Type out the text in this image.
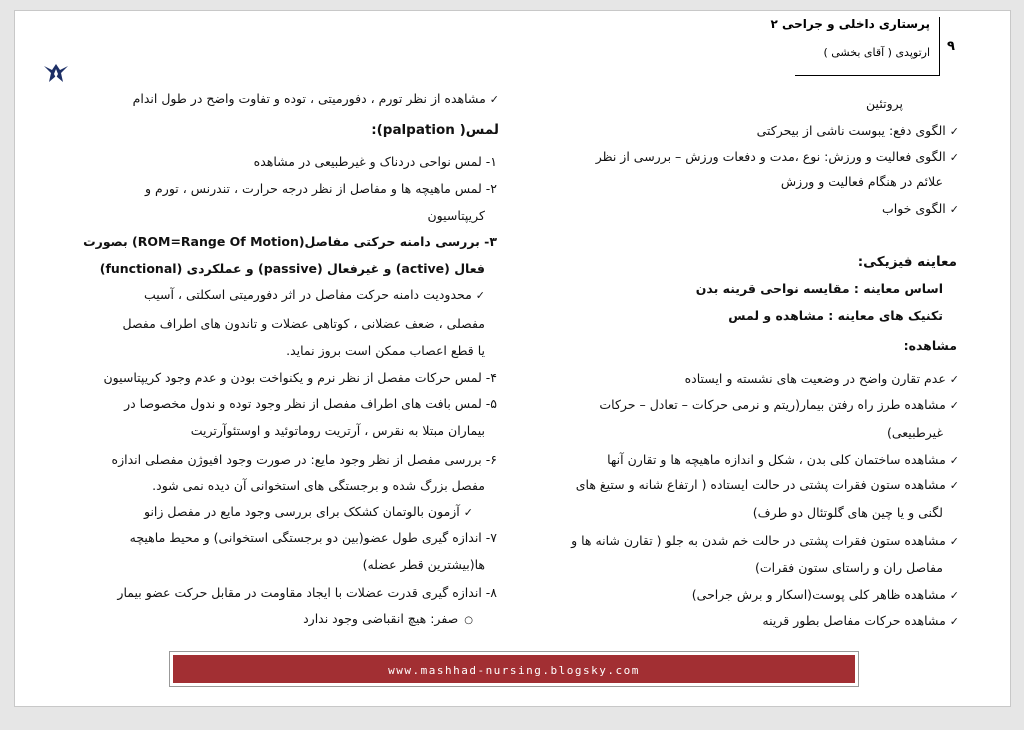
پرستاری داخلی و جراحی ۲
ارتوپدی ( آقای بخشی ) ۹
پروتئین
✓الگوی دفع: یبوست ناشی از بیحرکتی
✓الگوی فعالیت و ورزش: نوع ،مدت و دفعات ورزش – بررسی از نظر
علائم در هنگام فعالیت و ورزش
✓الگوی خواب
معاینه فیزیکی:
اساس معاینه : مقایسه نواحی قرینه بدن
تکنیک های معاینه : مشاهده و لمس
مشاهده:
✓عدم تقارن واضح در وضعیت های نشسته و ایستاده
✓مشاهده طرز راه رفتن بیمار(ریتم و نرمی حرکات – تعادل – حرکات
غیرطبیعی)
✓مشاهده ساختمان کلی بدن ، شکل و اندازه ماهیچه ها و تقارن آنها
✓مشاهده ستون فقرات پشتی در حالت ایستاده ( ارتفاع شانه و ستیغ های
لگنی و یا چین های گلوتئال دو طرف)
✓مشاهده ستون فقرات پشتی در حالت خم شدن به جلو ( تقارن شانه ها و
مفاصل ران و راستای ستون فقرات)
✓مشاهده ظاهر کلی پوست(اسکار و برش جراحی)
✓مشاهده حرکات مفاصل بطور قرینه
✓مشاهده از نظر تورم ، دفورمیتی ، توده و تفاوت واضح در طول اندام
لمس( palpation):
۱- لمس نواحی دردناک و غیرطبیعی در مشاهده
۲- لمس ماهیچه ها و مفاصل از نظر درجه حرارت ، تندرنس ، تورم و
کریپتاسیون
۳- بررسی دامنه حرکتی مفاصل(ROM=Range Of Motion) بصورت
فعال (active) و غیرفعال (passive) و عملکردی (functional)
✓محدودیت دامنه حرکت مفاصل در اثر دفورمیتی اسکلتی ، آسیب
مفصلی ، ضعف عضلانی ، کوتاهی عضلات و تاندون های اطراف مفصل
یا قطع اعصاب ممکن است بروز نماید.
۴- لمس حرکات مفصل از نظر نرم و یکنواخت بودن و عدم وجود کریپتاسیون
۵- لمس بافت های اطراف مفصل از نظر وجود توده و ندول مخصوصا در
بیماران مبتلا به نقرس ، آرتریت روماتوئید و اوستئوآرتریت
۶- بررسی مفصل از نظر وجود مایع: در صورت وجود افیوژن مفصلی اندازه
مفصل بزرگ شده و برجستگی های استخوانی آن دیده نمی شود.
✓آزمون بالوتمان کشکک برای بررسی وجود مایع در مفصل زانو
۷- اندازه گیری طول عضو(بین دو برجستگی استخوانی) و محیط ماهیچه
ها(بیشترین قطر عضله)
۸- اندازه گیری قدرت عضلات با ایجاد مقاومت در مقابل حرکت عضو بیمار
○صفر: هیچ انقباضی وجود ندارد
www.mashhad-nursing.blogsky.com
